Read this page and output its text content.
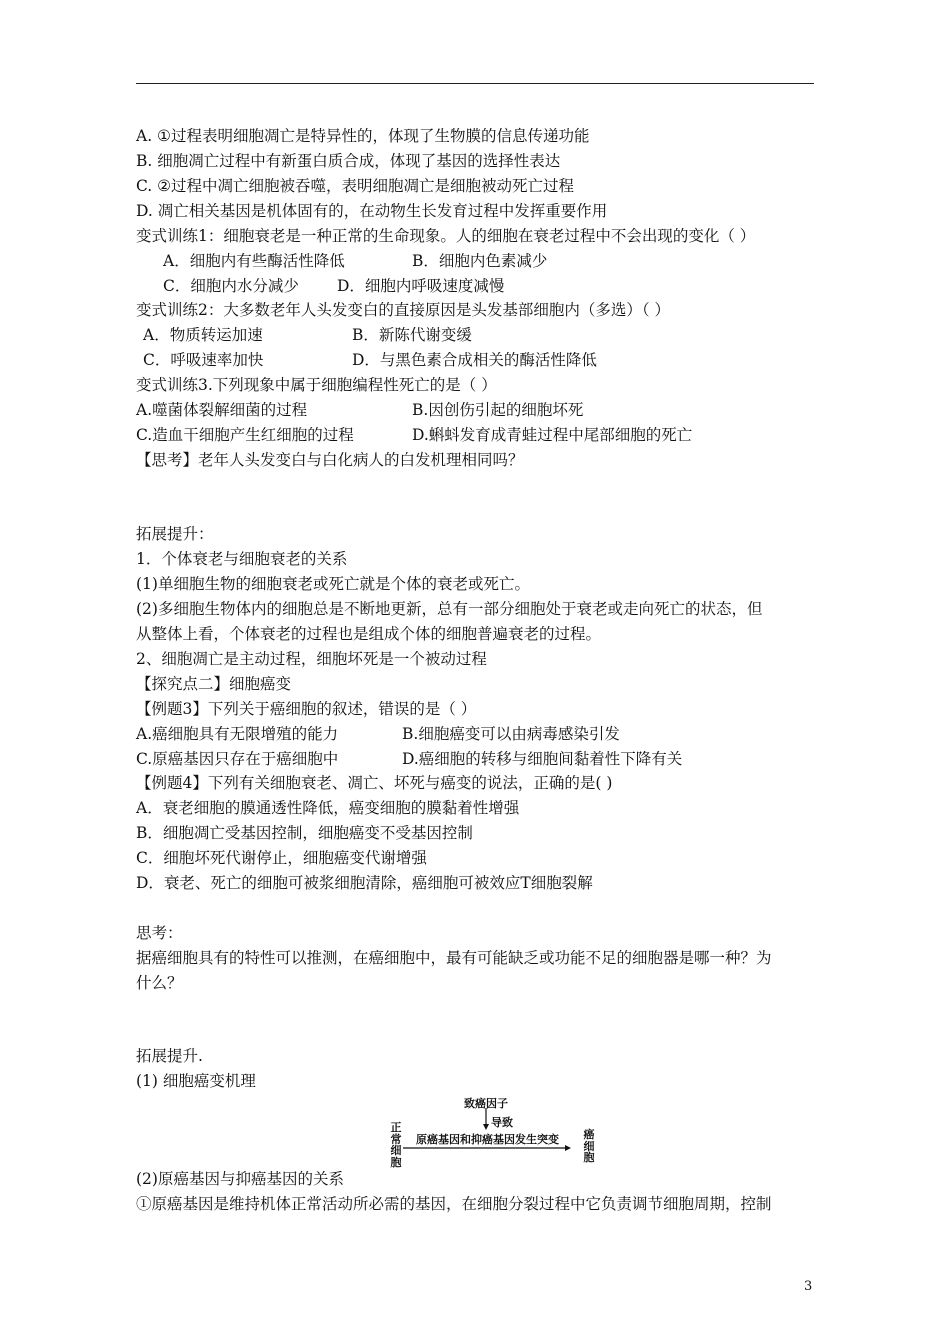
A. ①过程表明细胞凋亡是特异性的，体现了生物膜的信息传递功能
B. 细胞凋亡过程中有新蛋白质合成，体现了基因的选择性表达
C. ②过程中凋亡细胞被吞噬，表明细胞凋亡是细胞被动死亡过程
D. 凋亡相关基因是机体固有的，在动物生长发育过程中发挥重要作用
变式训练1：细胞衰老是一种正常的生命现象。人的细胞在衰老过程中不会出现的变化（ ）
A．细胞内有些酶活性降低	B．细胞内色素减少
C．细胞内水分减少 D．细胞内呼吸速度减慢
变式训练2：大多数老年人头发变白的直接原因是头发基部细胞内（多选）（ ）
A．物质转运加速	B．新陈代谢变缓
C．呼吸速率加快	D．与黑色素合成相关的酶活性降低
变式训练3.下列现象中属于细胞编程性死亡的是（ ）
A.噬菌体裂解细菌的过程	B.因创伤引起的细胞坏死
C.造血干细胞产生红细胞的过程	D.蝌蚪发育成青蛙过程中尾部细胞的死亡
【思考】老年人头发变白与白化病人的白发机理相同吗？
拓展提升：
1．个体衰老与细胞衰老的关系
(1)单细胞生物的细胞衰老或死亡就是个体的衰老或死亡。
(2)多细胞生物体内的细胞总是不断地更新，总有一部分细胞处于衰老或走向死亡的状态，但
从整体上看，个体衰老的过程也是组成个体的细胞普遍衰老的过程。
2、细胞凋亡是主动过程，细胞坏死是一个被动过程
【探究点二】细胞癌变
【例题3】下列关于癌细胞的叙述，错误的是（ ）
A.癌细胞具有无限增殖的能力	B.细胞癌变可以由病毒感染引发
C.原癌基因只存在于癌细胞中	D.癌细胞的转移与细胞间黏着性下降有关
【例题4】下列有关细胞衰老、凋亡、坏死与癌变的说法，正确的是( )
A．衰老细胞的膜通透性降低，癌变细胞的膜黏着性增强
B．细胞凋亡受基因控制，细胞癌变不受基因控制
C．细胞坏死代谢停止，细胞癌变代谢增强
D．衰老、死亡的细胞可被浆细胞清除，癌细胞可被效应T细胞裂解
思考：
据癌细胞具有的特性可以推测，在癌细胞中，最有可能缺乏或功能不足的细胞器是哪一种？为
什么？
拓展提升.
(1) 细胞癌变机理
致癌因子
导致
正常细胞
原癌基因和抑癌基因发生突变 癌细胞
(2)原癌基因与抑癌基因的关系
①原癌基因是维持机体正常活动所必需的基因，在细胞分裂过程中它负责调节细胞周期，控制
3
